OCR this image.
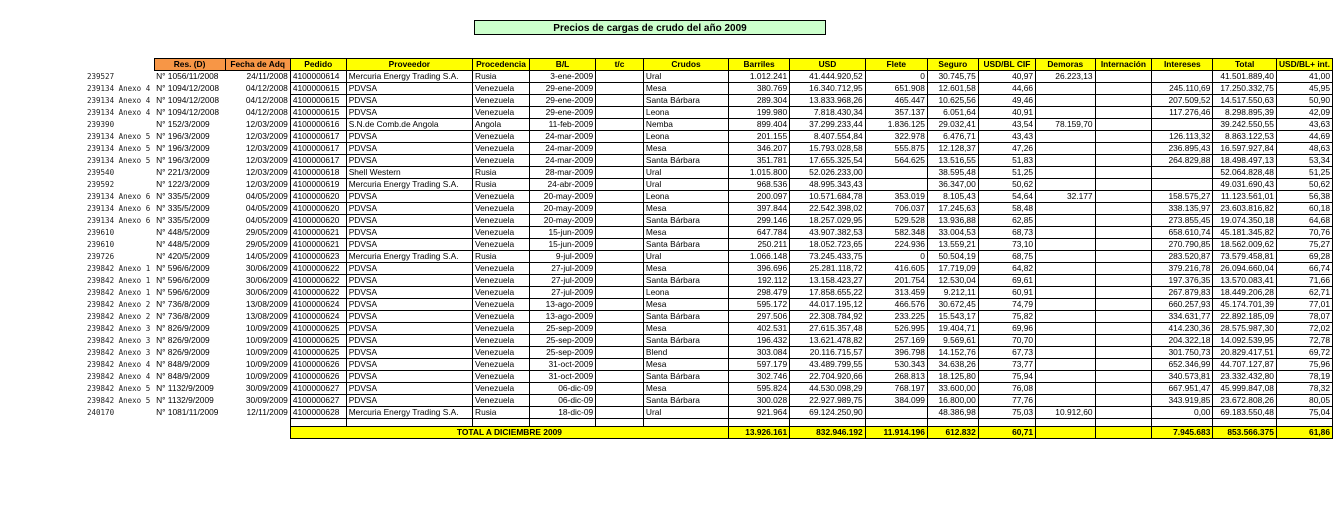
Precios de cargas de crudo del año 2009
	Res. (D)	Fecha de Adq	Pedido	Proveedor	Procedencia	B/L	t/c	Crudos	Barriles	USD	Flete	Seguro	USD/BL CIF	Demoras	Internación	Intereses	Total	USD/BL+ int.
239527	N° 1056/11/2008	24/11/2008	4100000614	Mercuria Energy Trading S.A.	Rusia	3-ene-2009		Ural	1.012.241	41.444.920,52	0	30.745,75	40,97	26.223,13			41.501.889,40	41,00
239134 Anexo 4	N° 1094/12/2008	04/12/2008	4100000615	PDVSA	Venezuela	29-ene-2009		Mesa	380.769	16.340.712,95	651.908	12.601,58	44,66			245.110,69	17.250.332,75	45,95
239134 Anexo 4	N° 1094/12/2008	04/12/2008	4100000615	PDVSA	Venezuela	29-ene-2009		Santa Bárbara	289.304	13.833.968,26	465.447	10.625,56	49,46			207.509,52	14.517.550,63	50,90
239134 Anexo 4	N° 1094/12/2008	04/12/2008	4100000615	PDVSA	Venezuela	29-ene-2009		Leona	199.980	7.818.430,34	357.137	6.051,64	40,91			117.276,46	8.298.895,39	42,09
239390	N° 152/3/2009	12/03/2009	4100000616	S.N.de Comb.de Angola	Angola	11-feb-2009		Nemba	899.404	37.299.233,44	1.836.125	29.032,41	43,54	78.159,70			39.242.550,55	43,63
239134 Anexo 5	N° 196/3/2009	12/03/2009	4100000617	PDVSA	Venezuela	24-mar-2009		Leona	201.155	8.407.554,84	322.978	6.476,71	43,43			126.113,32	8.863.122,53	44,69
239134 Anexo 5	N° 196/3/2009	12/03/2009	4100000617	PDVSA	Venezuela	24-mar-2009		Mesa	346.207	15.793.028,58	555.875	12.128,37	47,26			236.895,43	16.597.927,84	48,63
239134 Anexo 5	N° 196/3/2009	12/03/2009	4100000617	PDVSA	Venezuela	24-mar-2009		Santa Bárbara	351.781	17.655.325,54	564.625	13.516,55	51,83			264.829,88	18.498.497,13	53,34
239540	N° 221/3/2009	12/03/2009	4100000618	Shell Western	Rusia	28-mar-2009		Ural	1.015.800	52.026.233,00		38.595,48	51,25				52.064.828,48	51,25
239592	N° 122/3/2009	12/03/2009	4100000619	Mercuria Energy Trading S.A.	Rusia	24-abr-2009		Ural	968.536	48.995.343,43		36.347,00	50,62				49.031.690,43	50,62
239134 Anexo 6	N° 335/5/2009	04/05/2009	4100000620	PDVSA	Venezuela	20-may-2009		Leona	200.097	10.571.684,78	353.019	8.105,43	54,64	32.177		158.575,27	11.123.561,01	56,38
239134 Anexo 6	N° 335/5/2009	04/05/2009	4100000620	PDVSA	Venezuela	20-may-2009		Mesa	397.844	22.542.398,02	706.037	17.245,63	58,48			338.135,97	23.603.816,82	60,18
239134 Anexo 6	N° 335/5/2009	04/05/2009	4100000620	PDVSA	Venezuela	20-may-2009		Santa Bárbara	299.146	18.257.029,95	529.528	13.936,88	62,85			273.855,45	19.074.350,18	64,68
239610	N° 448/5/2009	29/05/2009	4100000621	PDVSA	Venezuela	15-jun-2009		Mesa	647.784	43.907.382,53	582.348	33.004,53	68,73			658.610,74	45.181.345,82	70,76
239610	N° 448/5/2009	29/05/2009	4100000621	PDVSA	Venezuela	15-jun-2009		Santa Bárbara	250.211	18.052.723,65	224.936	13.559,21	73,10			270.790,85	18.562.009,62	75,27
239726	N° 420/5/2009	14/05/2009	4100000623	Mercuria Energy Trading S.A.	Rusia	9-jul-2009		Ural	1.066.148	73.245.433,75	0	50.504,19	68,75			283.520,87	73.579.458,81	69,28
239842 Anexo 1	N° 596/6/2009	30/06/2009	4100000622	PDVSA	Venezuela	27-jul-2009		Mesa	396.696	25.281.118,72	416.605	17.719,09	64,82			379.216,78	26.094.660,04	66,74
239842 Anexo 1	N° 596/6/2009	30/06/2009	4100000622	PDVSA	Venezuela	27-jul-2009		Santa Bárbara	192.112	13.158.423,27	201.754	12.530,04	69,61			197.376,35	13.570.083,41	71,66
239842 Anexo 1	N° 596/6/2009	30/06/2009	4100000622	PDVSA	Venezuela	27-jul-2009		Leona	298.479	17.858.655,22	313.459	9.212,11	60,91			267.879,83	18.449.206,28	62,71
239842 Anexo 2	N° 736/8/2009	13/08/2009	4100000624	PDVSA	Venezuela	13-ago-2009		Mesa	595.172	44.017.195,12	466.576	30.672,45	74,79			660.257,93	45.174.701,39	77,01
239842 Anexo 2	N° 736/8/2009	13/08/2009	4100000624	PDVSA	Venezuela	13-ago-2009		Santa Bárbara	297.506	22.308.784,92	233.225	15.543,17	75,82			334.631,77	22.892.185,09	78,07
239842 Anexo 3	N° 826/9/2009	10/09/2009	4100000625	PDVSA	Venezuela	25-sep-2009		Mesa	402.531	27.615.357,48	526.995	19.404,71	69,96			414.230,36	28.575.987,30	72,02
239842 Anexo 3	N° 826/9/2009	10/09/2009	4100000625	PDVSA	Venezuela	25-sep-2009		Santa Bárbara	196.432	13.621.478,82	257.169	9.569,61	70,70			204.322,18	14.092.539,95	72,78
239842 Anexo 3	N° 826/9/2009	10/09/2009	4100000625	PDVSA	Venezuela	25-sep-2009		Blend	303.084	20.116.715,57	396.798	14.152,76	67,73			301.750,73	20.829.417,51	69,72
239842 Anexo 4	N° 848/9/2009	10/09/2009	4100000626	PDVSA	Venezuela	31-oct-2009		Mesa	597.179	43.489.799,55	530.343	34.638,26	73,77			652.346,99	44.707.127,87	75,96
239842 Anexo 4	N° 848/9/2009	10/09/2009	4100000626	PDVSA	Venezuela	31-oct-2009		Santa Bárbara	302.746	22.704.920,66	268.813	18.125,80	75,94			340.573,81	23.332.432,80	78,19
239842 Anexo 5	N° 1132/9/2009	30/09/2009	4100000627	PDVSA	Venezuela	06-dic-09		Mesa	595.824	44.530.098,29	768.197	33.600,00	76,08			667.951,47	45.999.847,08	78,32
239842 Anexo 5	N° 1132/9/2009	30/09/2009	4100000627	PDVSA	Venezuela	06-dic-09		Santa Bárbara	300.028	22.927.989,75	384.099	16.800,00	77,76			343.919,85	23.672.808,26	80,05
240170	N° 1081/11/2009	12/11/2009	4100000628	Mercuria Energy Trading S.A.	Rusia	18-dic-09		Ural	921.964	69.124.250,90		48.386,98	75,03	10.912,60		0,00	69.183.550,48	75,04

			TOTAL A DICIEMBRE 2009						13.926.161	832.946.192	11.914.196	612.832	60,71			7.945.683	853.566.375	61,86
